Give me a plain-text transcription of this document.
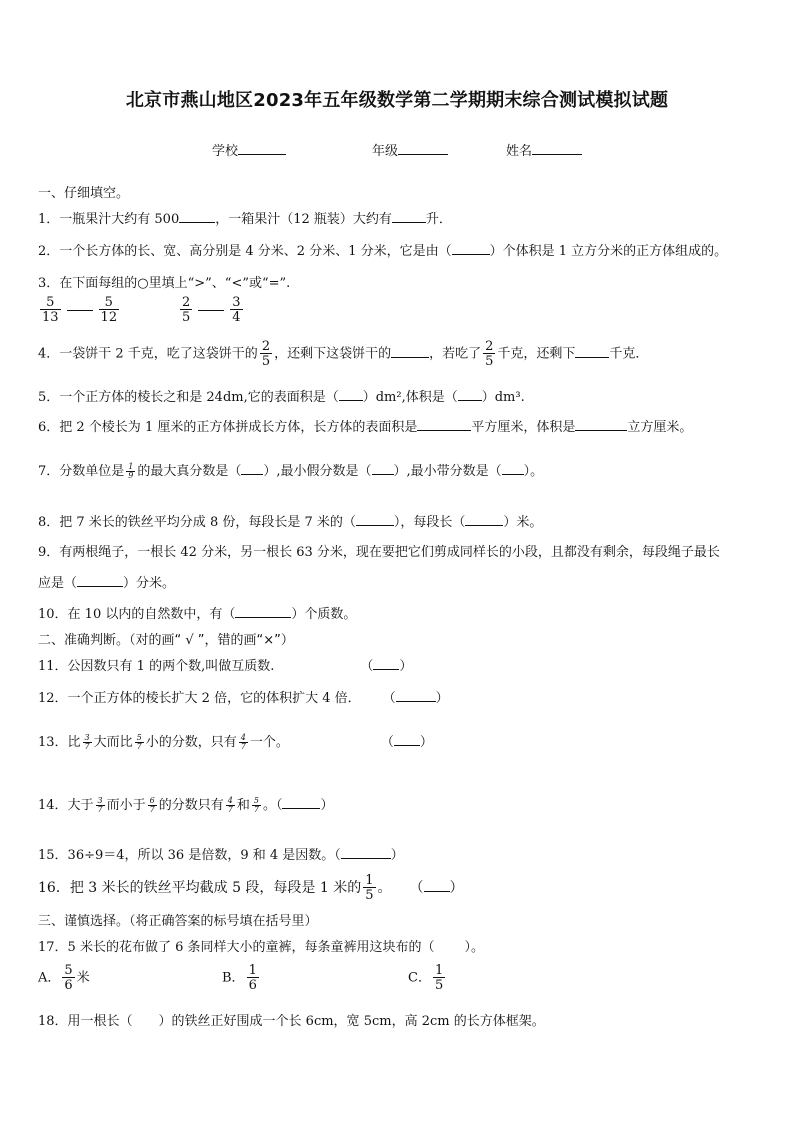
北京市燕山地区2023年五年级数学第二学期期末综合测试模拟试题
学校	年级	姓名
一、仔细填空。
1．一瓶果汁大约有 500	，一箱果汁（12 瓶装）大约有	升．
2．一个长方体的长、宽、高分别是 4 分米、2 分米、1 分米，它是由（	）个体积是 1 立方分米的正方体组成的。
3．在下面每组的○里填上“>”、“<”或“=”.
$\frac{5}{13}$	$\frac{5}{12}$	$\frac{2}{5}$	$\frac{3}{4}$
4．一袋饼干 2 千克，吃了这袋饼干的 $\frac{2}{5}$ ，还剩下这袋饼干的	，若吃了 $\frac{2}{5}$ 千克，还剩下	千克．
5．一个正方体的棱长之和是 24dm,它的表面积是（ ）dm²,体积是（ ）dm³.
6．把 2 个棱长为 1 厘米的正方体拼成长方体，长方体的表面积是	平方厘米，体积是	立方厘米。
7．分数单位是 $\frac{1}{9}$ 的最大真分数是（ ）,最小假分数是（ ）,最小带分数是（ ）。
8．把 7 米长的铁丝平均分成 8 份，每段长是 7 米的（	），每段长（	）米。
9．有两根绳子，一根长 42 分米，另一根长 63 分米，现在要把它们剪成同样长的小段，且都没有剩余，每段绳子最长
应是（	）分米。
10．在 10 以内的自然数中，有（	）个质数。
二、准确判断。（对的画“ √ ”，错的画“×”）
11．公因数只有 1 的两个数,叫做互质数.	（ ）
12．一个正方体的棱长扩大 2 倍，它的体积扩大 4 倍． （	）
13．比 $\frac{3}{7}$ 大而比 $\frac{5}{7}$ 小的分数，只有 $\frac{4}{7}$ 一个。	（ ）
14．大于 $\frac{3}{7}$ 而小于 $\frac{6}{7}$ 的分数只有 $\frac{4}{7}$ 和 $\frac{5}{7}$ 。（	）
15．36÷9＝4，所以 36 是倍数，9 和 4 是因数。（	）
16．把 3 米长的铁丝平均截成 5 段，每段是 1 米的 $\frac{1}{5}$ 。 （ ）
三、谨慎选择。（将正确答案的标号填在括号里）
17．5 米长的花布做了 6 条同样大小的童裤，每条童裤用这块布的（ ）。
A． $\frac{5}{6}$ 米	B． $\frac{1}{6}$	C． $\frac{1}{5}$
18．用一根长（ ）的铁丝正好围成一个长 6cm，宽 5cm，高 2cm 的长方体框架。
